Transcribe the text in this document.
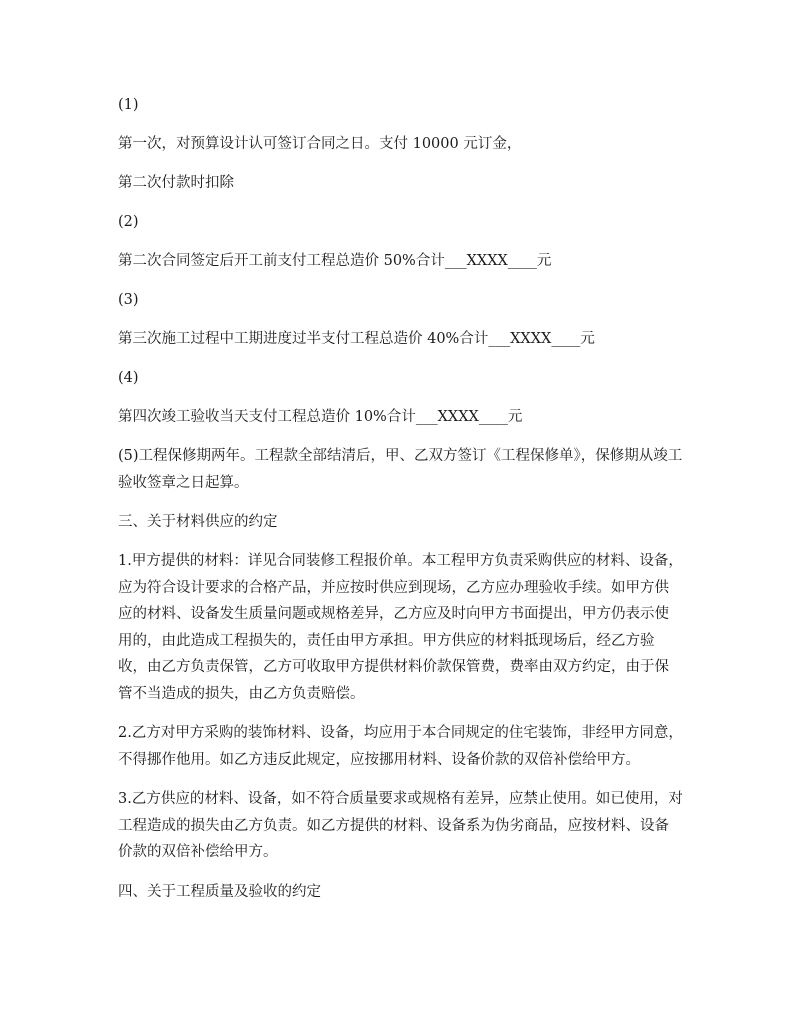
(1)

第一次，对预算设计认可签订合同之日。支付 10000 元订金，

第二次付款时扣除

(2)

第二次合同签定后开工前支付工程总造价 50%合计___XXXX____元

(3)

第三次施工过程中工期进度过半支付工程总造价 40%合计___XXXX____元

(4)

第四次竣工验收当天支付工程总造价 10%合计___XXXX____元

(5)工程保修期两年。工程款全部结清后，甲、乙双方签订《工程保修单》，保修期从竣工验收签章之日起算。

三、关于材料供应的约定

1.甲方提供的材料：详见合同装修工程报价单。本工程甲方负责采购供应的材料、设备，应为符合设计要求的合格产品，并应按时供应到现场，乙方应办理验收手续。如甲方供应的材料、设备发生质量问题或规格差异，乙方应及时向甲方书面提出，甲方仍表示使用的，由此造成工程损失的，责任由甲方承担。甲方供应的材料抵现场后，经乙方验收，由乙方负责保管，乙方可收取甲方提供材料价款保管费，费率由双方约定，由于保管不当造成的损失，由乙方负责赔偿。

2.乙方对甲方采购的装饰材料、设备，均应用于本合同规定的住宅装饰，非经甲方同意，不得挪作他用。如乙方违反此规定，应按挪用材料、设备价款的双倍补偿给甲方。

3.乙方供应的材料、设备，如不符合质量要求或规格有差异，应禁止使用。如已使用，对工程造成的损失由乙方负责。如乙方提供的材料、设备系为伪劣商品，应按材料、设备价款的双倍补偿给甲方。

四、关于工程质量及验收的约定
